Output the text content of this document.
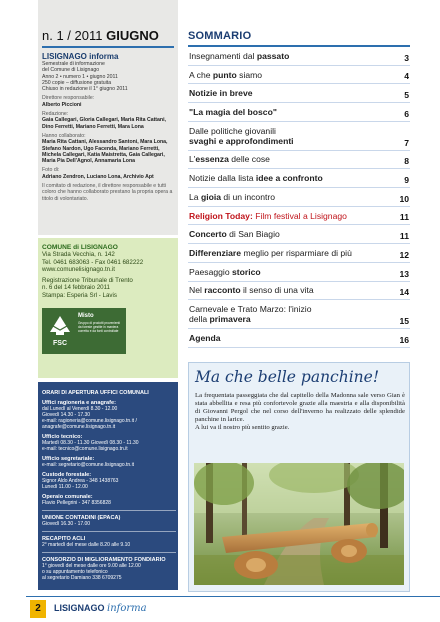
n. 1 / 2011 GIUGNO
LISIGNAGO informa
Semestrale di informazione
del Comune di Lisignago
Anno 2 • numero 1 • giugno 2011
250 copie – diffusione gratuita
Chiuso in redazione il 1° giugno 2011
Direttore responsabile:
Alberto Piccioni
Redazione:
Gaia Callegari, Gloria Callegari, Maria Rita Cattani, Dino Ferretti, Mariano Ferretti, Mara Lona
Hanno collaborato:
Maria Rita Cattani, Alessandro Santoni, Mara Lona, Stefano Nardon, Ugo Facenda, Mariano Ferretti, Michela Callegari, Katia Maistretta, Gaia Callegari, Maria Pia Dell'Agnol, Annamaria Lona
Foto di:
Adriano Zendron, Luciano Lona, Archivio Apt
Il comitato di redazione, il direttore responsabile e tutti coloro che hanno collaborato prestano la propria opera a titolo di volontariato.
COMUNE di LISIGNAGO
Via Strada Vecchia, n. 142
Tel. 0461 683063 - Fax 0461 682222
www.comunelisignago.tn.it
Registrazione Tribunale di Trento
n. 6 del 14 febbraio 2011
Stampa: Esperia Srl - Lavis
FSC
Misto
Gruppo di prodotti provenienti da foreste gestite in maniera corretta e da fonti controllate
ORARI DI APERTURA UFFICI COMUNALI
Uffici ragioneria e anagrafe:
dal Lunedì al Venerdì 8.30 - 12.00
Giovedì 14.30 - 17.30
e-mail: ragioneria@comune.lisignago.tn.it /
anagrafe@comune.lisignago.tn.it
Ufficio tecnico:
Martedì 08.30 - 11.30 Giovedì 08.30 - 11.30
e-mail: tecnico@comune.lisignago.tn.it
Ufficio segretariale:
e-mail: segretario@comune.lisignago.tn.it
Custode forestale:
Signor Aldo Andrea - 348 1438763
Lunedì 11.00 - 12.00
Operaio comunale:
Flavio Pellegrini - 347 8356828
UNIONE CONTADINI (EPACA)
Giovedì 16.30 - 17.00
RECAPITO ACLI
2° martedì del mese dalle 8.20 alle 9.10
CONSORZIO DI MIGLIORAMENTO FONDIARIO
1° giovedì del mese dalle ore 9.00 alle 12.00
o su appuntamento telefonico
al segretario Damiano 338 6709275
SOMMARIO
Insegnamenti dal passato	3
A che punto siamo	4
Notizie in breve	5
"La magia del bosco"	6
Dalle politiche giovanili
svaghi e approfondimenti	7
L'essenza delle cose	8
Notizie dalla lista idee a confronto	9
La gioia di un incontro	10
Religion Today: Film festival a Lisignago	11
Concerto di San Biagio	11
Differenziare meglio per risparmiare di più	12
Paesaggio storico	13
Nel racconto il senso di una vita	14
Carnevale e Trato Marzo: l'inizio
della primavera	15
Agenda	16
Ma che belle panchine!
La frequentata passeggiata che dal capitello della Madonna sale verso Gian è stata abbellita e resa più confortevole grazie alla maestria e alla disponibilità di Giovanni Pergol che nel corso dell'inverno ha realizzato delle splendide panchine in larice.
A lui va il nostro più sentito grazie.
2	LISIGNAGO informa
